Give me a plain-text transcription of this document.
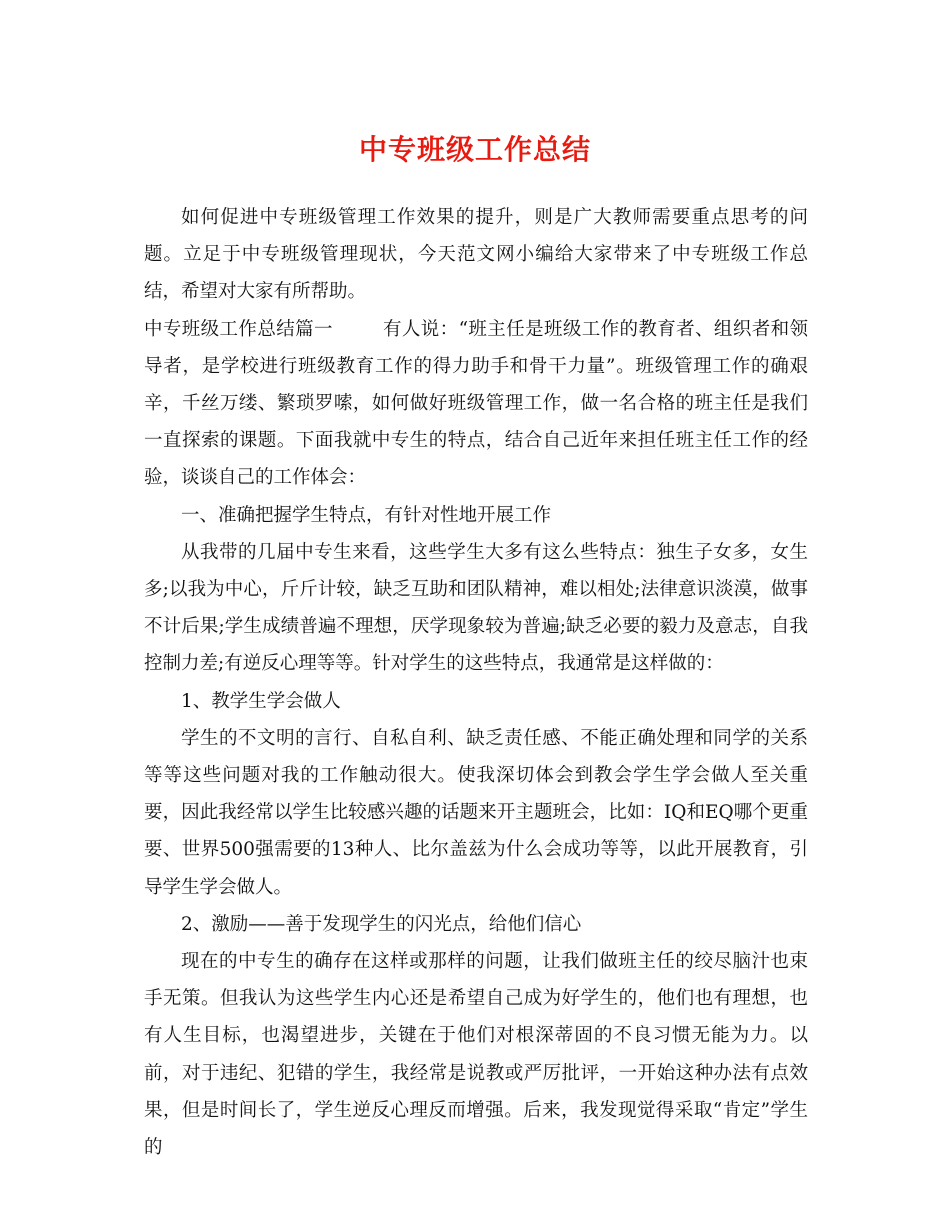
中专班级工作总结

如何促进中专班级管理工作效果的提升，则是广大教师需要重点思考的问题。立足于中专班级管理现状，今天范文网小编给大家带来了中专班级工作总结，希望对大家有所帮助。

中专班级工作总结篇一	有人说：“班主任是班级工作的教育者、组织者和领导者，是学校进行班级教育工作的得力助手和骨干力量”。班级管理工作的确艰辛，千丝万缕、繁琐罗嗦，如何做好班级管理工作，做一名合格的班主任是我们一直探索的课题。下面我就中专生的特点，结合自己近年来担任班主任工作的经验，谈谈自己的工作体会：

一、准确把握学生特点，有针对性地开展工作

从我带的几届中专生来看，这些学生大多有这么些特点：独生子女多，女生多;以我为中心，斤斤计较，缺乏互助和团队精神，难以相处;法律意识淡漠，做事不计后果;学生成绩普遍不理想，厌学现象较为普遍;缺乏必要的毅力及意志，自我控制力差;有逆反心理等等。针对学生的这些特点，我通常是这样做的：

1、教学生学会做人

学生的不文明的言行、自私自利、缺乏责任感、不能正确处理和同学的关系等等这些问题对我的工作触动很大。使我深切体会到教会学生学会做人至关重要，因此我经常以学生比较感兴趣的话题来开主题班会，比如：IQ和EQ哪个更重要、世界500强需要的13种人、比尔盖兹为什么会成功等等，以此开展教育，引导学生学会做人。

2、激励——善于发现学生的闪光点，给他们信心

现在的中专生的确存在这样或那样的问题，让我们做班主任的绞尽脑汁也束手无策。但我认为这些学生内心还是希望自己成为好学生的，他们也有理想，也有人生目标，也渴望进步，关键在于他们对根深蒂固的不良习惯无能为力。以前，对于违纪、犯错的学生，我经常是说教或严厉批评，一开始这种办法有点效果，但是时间长了，学生逆反心理反而增强。后来，我发现觉得采取“肯定”学生的
